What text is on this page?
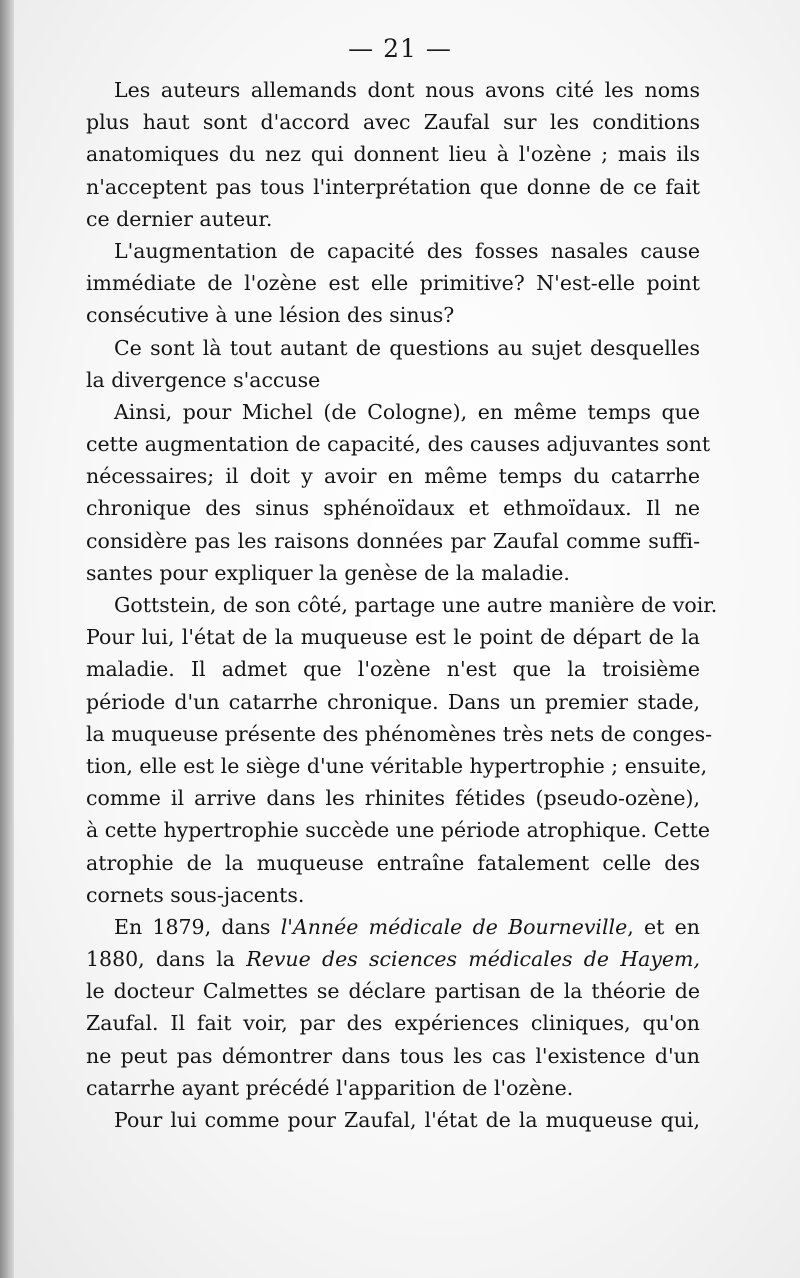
— 21 —
Les auteurs allemands dont nous avons cité les noms
plus haut sont d'accord avec Zaufal sur les conditions
anatomiques du nez qui donnent lieu à l'ozène ; mais ils
n'acceptent pas tous l'interprétation que donne de ce fait
ce dernier auteur.
L'augmentation de capacité des fosses nasales cause
immédiate de l'ozène est elle primitive? N'est-elle point
consécutive à une lésion des sinus?
Ce sont là tout autant de questions au sujet desquelles
la divergence s'accuse
Ainsi, pour Michel (de Cologne), en même temps que
cette augmentation de capacité, des causes adjuvantes sont
nécessaires; il doit y avoir en même temps du catarrhe
chronique des sinus sphénoïdaux et ethmoïdaux. Il ne
considère pas les raisons données par Zaufal comme suffi-
santes pour expliquer la genèse de la maladie.
Gottstein, de son côté, partage une autre manière de voir.
Pour lui, l'état de la muqueuse est le point de départ de la
maladie. Il admet que l'ozène n'est que la troisième
période d'un catarrhe chronique. Dans un premier stade,
la muqueuse présente des phénomènes très nets de conges-
tion, elle est le siège d'une véritable hypertrophie ; ensuite,
comme il arrive dans les rhinites fétides (pseudo-ozène),
à cette hypertrophie succède une période atrophique. Cette
atrophie de la muqueuse entraîne fatalement celle des
cornets sous-jacents.
En 1879, dans l'Année médicale de Bourneville, et en
1880, dans la Revue des sciences médicales de Hayem,
le docteur Calmettes se déclare partisan de la théorie de
Zaufal. Il fait voir, par des expériences cliniques, qu'on
ne peut pas démontrer dans tous les cas l'existence d'un
catarrhe ayant précédé l'apparition de l'ozène.
Pour lui comme pour Zaufal, l'état de la muqueuse qui,
